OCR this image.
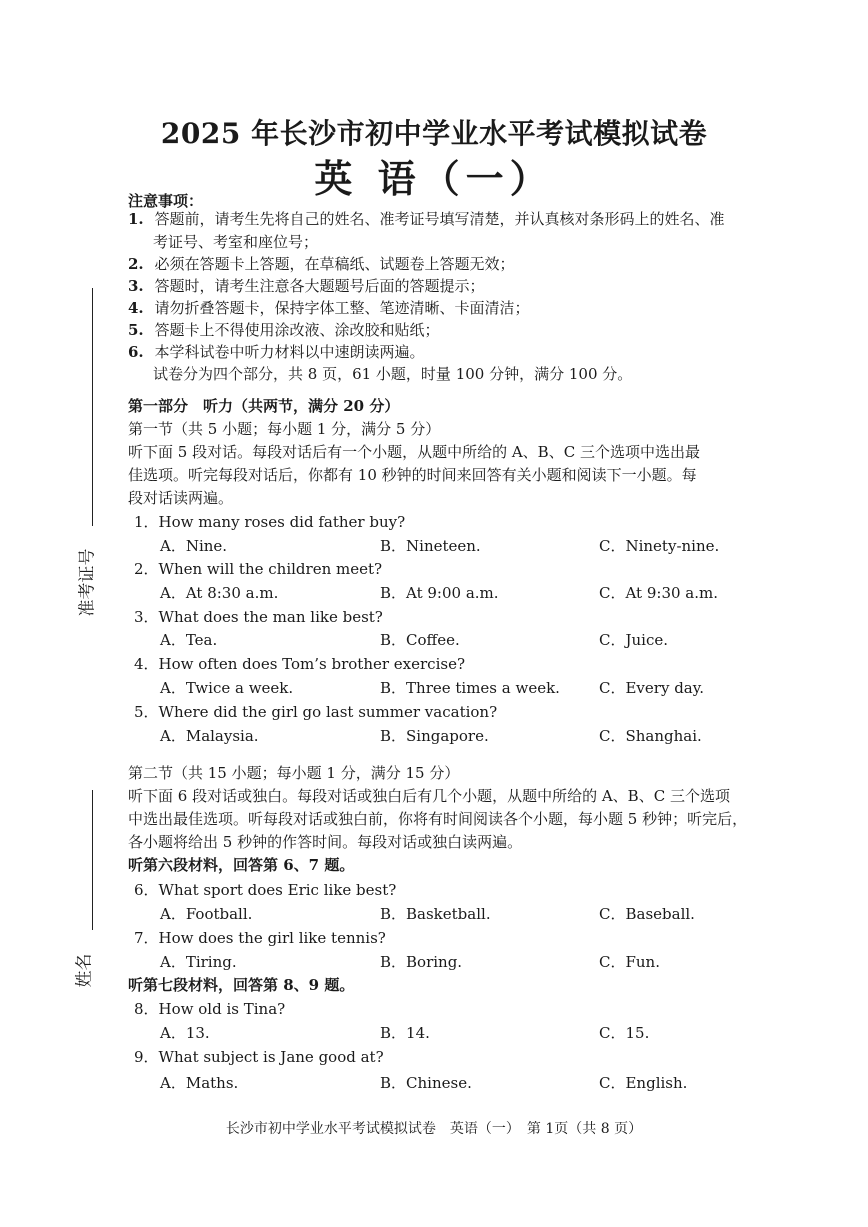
准考证号
姓名
2025 年长沙市初中学业水平考试模拟试卷
英 语（一）
注意事项：
1. 答题前，请考生先将自己的姓名、准考证号填写清楚，并认真核对条形码上的姓名、准
考证号、考室和座位号；
2. 必须在答题卡上答题，在草稿纸、试题卷上答题无效；
3. 答题时，请考生注意各大题题号后面的答题提示；
4. 请勿折叠答题卡，保持字体工整、笔迹清晰、卡面清洁；
5. 答题卡上不得使用涂改液、涂改胶和贴纸；
6. 本学科试卷中听力材料以中速朗读两遍。
试卷分为四个部分，共 8 页，61 小题，时量 100 分钟，满分 100 分。
第一部分　听力（共两节，满分 20 分）
第一节（共 5 小题；每小题 1 分，满分 5 分）
听下面 5 段对话。每段对话后有一个小题，从题中所给的 A、B、C 三个选项中选出最
佳选项。听完每段对话后，你都有 10 秒钟的时间来回答有关小题和阅读下一小题。每
段对话读两遍。
1．How many roses did father buy?
A．Nine.	B．Nineteen.	C．Ninety-nine.
2．When will the children meet?
A．At 8:30 a.m.	B．At 9:00 a.m.	C．At 9:30 a.m.
3．What does the man like best?
A．Tea.	B．Coffee.	C．Juice.
4．How often does Tom’s brother exercise?
A．Twice a week.	B．Three times a week.	C．Every day.
5．Where did the girl go last summer vacation?
A．Malaysia.	B．Singapore.	C．Shanghai.
第二节（共 15 小题；每小题 1 分，满分 15 分）
听下面 6 段对话或独白。每段对话或独白后有几个小题，从题中所给的 A、B、C 三个选项
中选出最佳选项。听每段对话或独白前，你将有时间阅读各个小题，每小题 5 秒钟；听完后，
各小题将给出 5 秒钟的作答时间。每段对话或独白读两遍。
听第六段材料，回答第 6、7 题。
6．What sport does Eric like best?
A．Football.	B．Basketball.	C．Baseball.
7．How does the girl like tennis?
A．Tiring.	B．Boring.	C．Fun.
听第七段材料，回答第 8、9 题。
8．How old is Tina?
A．13.	B．14.	C．15.
9．What subject is Jane good at?
A．Maths.	B．Chinese.	C．English.
长沙市初中学业水平考试模拟试卷　英语（一）　第 1页（共 8 页）
